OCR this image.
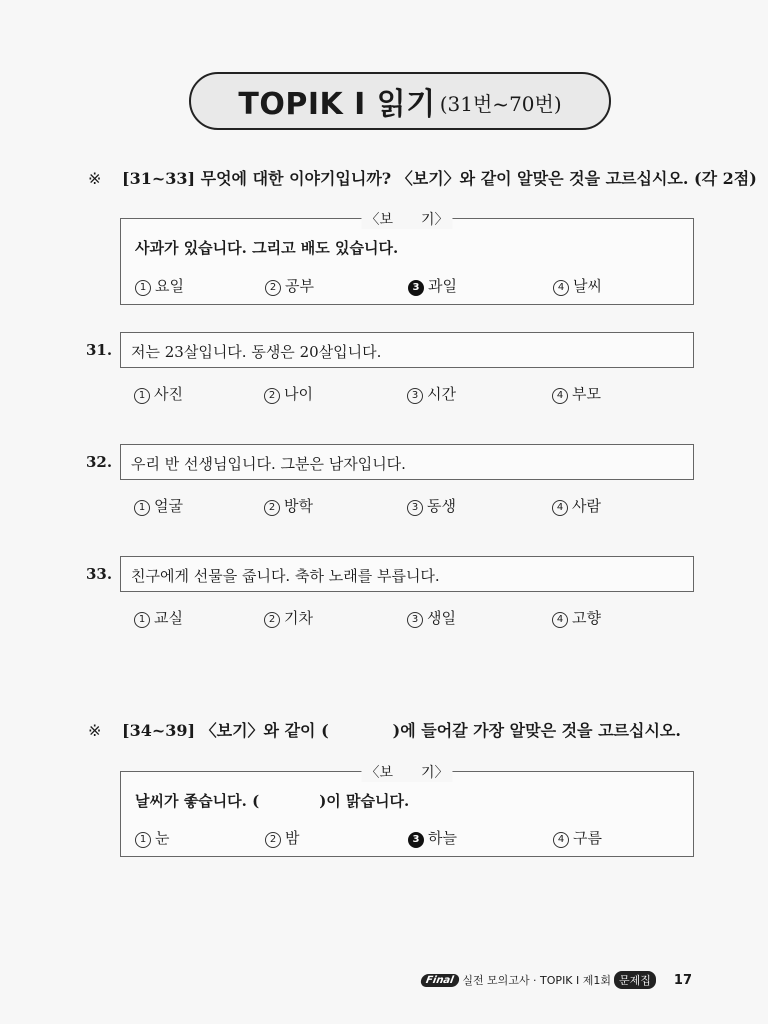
TOPIK Ⅰ 읽기 (31번~70번)
※ [31~33] 무엇에 대한 이야기입니까? 〈보기〉와 같이 알맞은 것을 고르십시오. (각 2점)
〈보　　기〉
사과가 있습니다. 그리고 배도 있습니다.
1 요일	2 공부	3 과일	4 날씨
31. 저는 23살입니다. 동생은 20살입니다.
1 사진	2 나이	3 시간	4 부모
32. 우리 반 선생님입니다. 그분은 남자입니다.
1 얼굴	2 방학	3 동생	4 사람
33. 친구에게 선물을 줍니다. 축하 노래를 부릅니다.
1 교실	2 기차	3 생일	4 고향
※ [34~39] 〈보기〉와 같이 (　　　　)에 들어갈 가장 알맞은 것을 고르십시오.
〈보　　기〉
날씨가 좋습니다. (　　　　)이 맑습니다.
1 눈	2 밤	3 하늘	4 구름
Final 실전 모의고사 · TOPIK Ⅰ 제1회 문제집	17
